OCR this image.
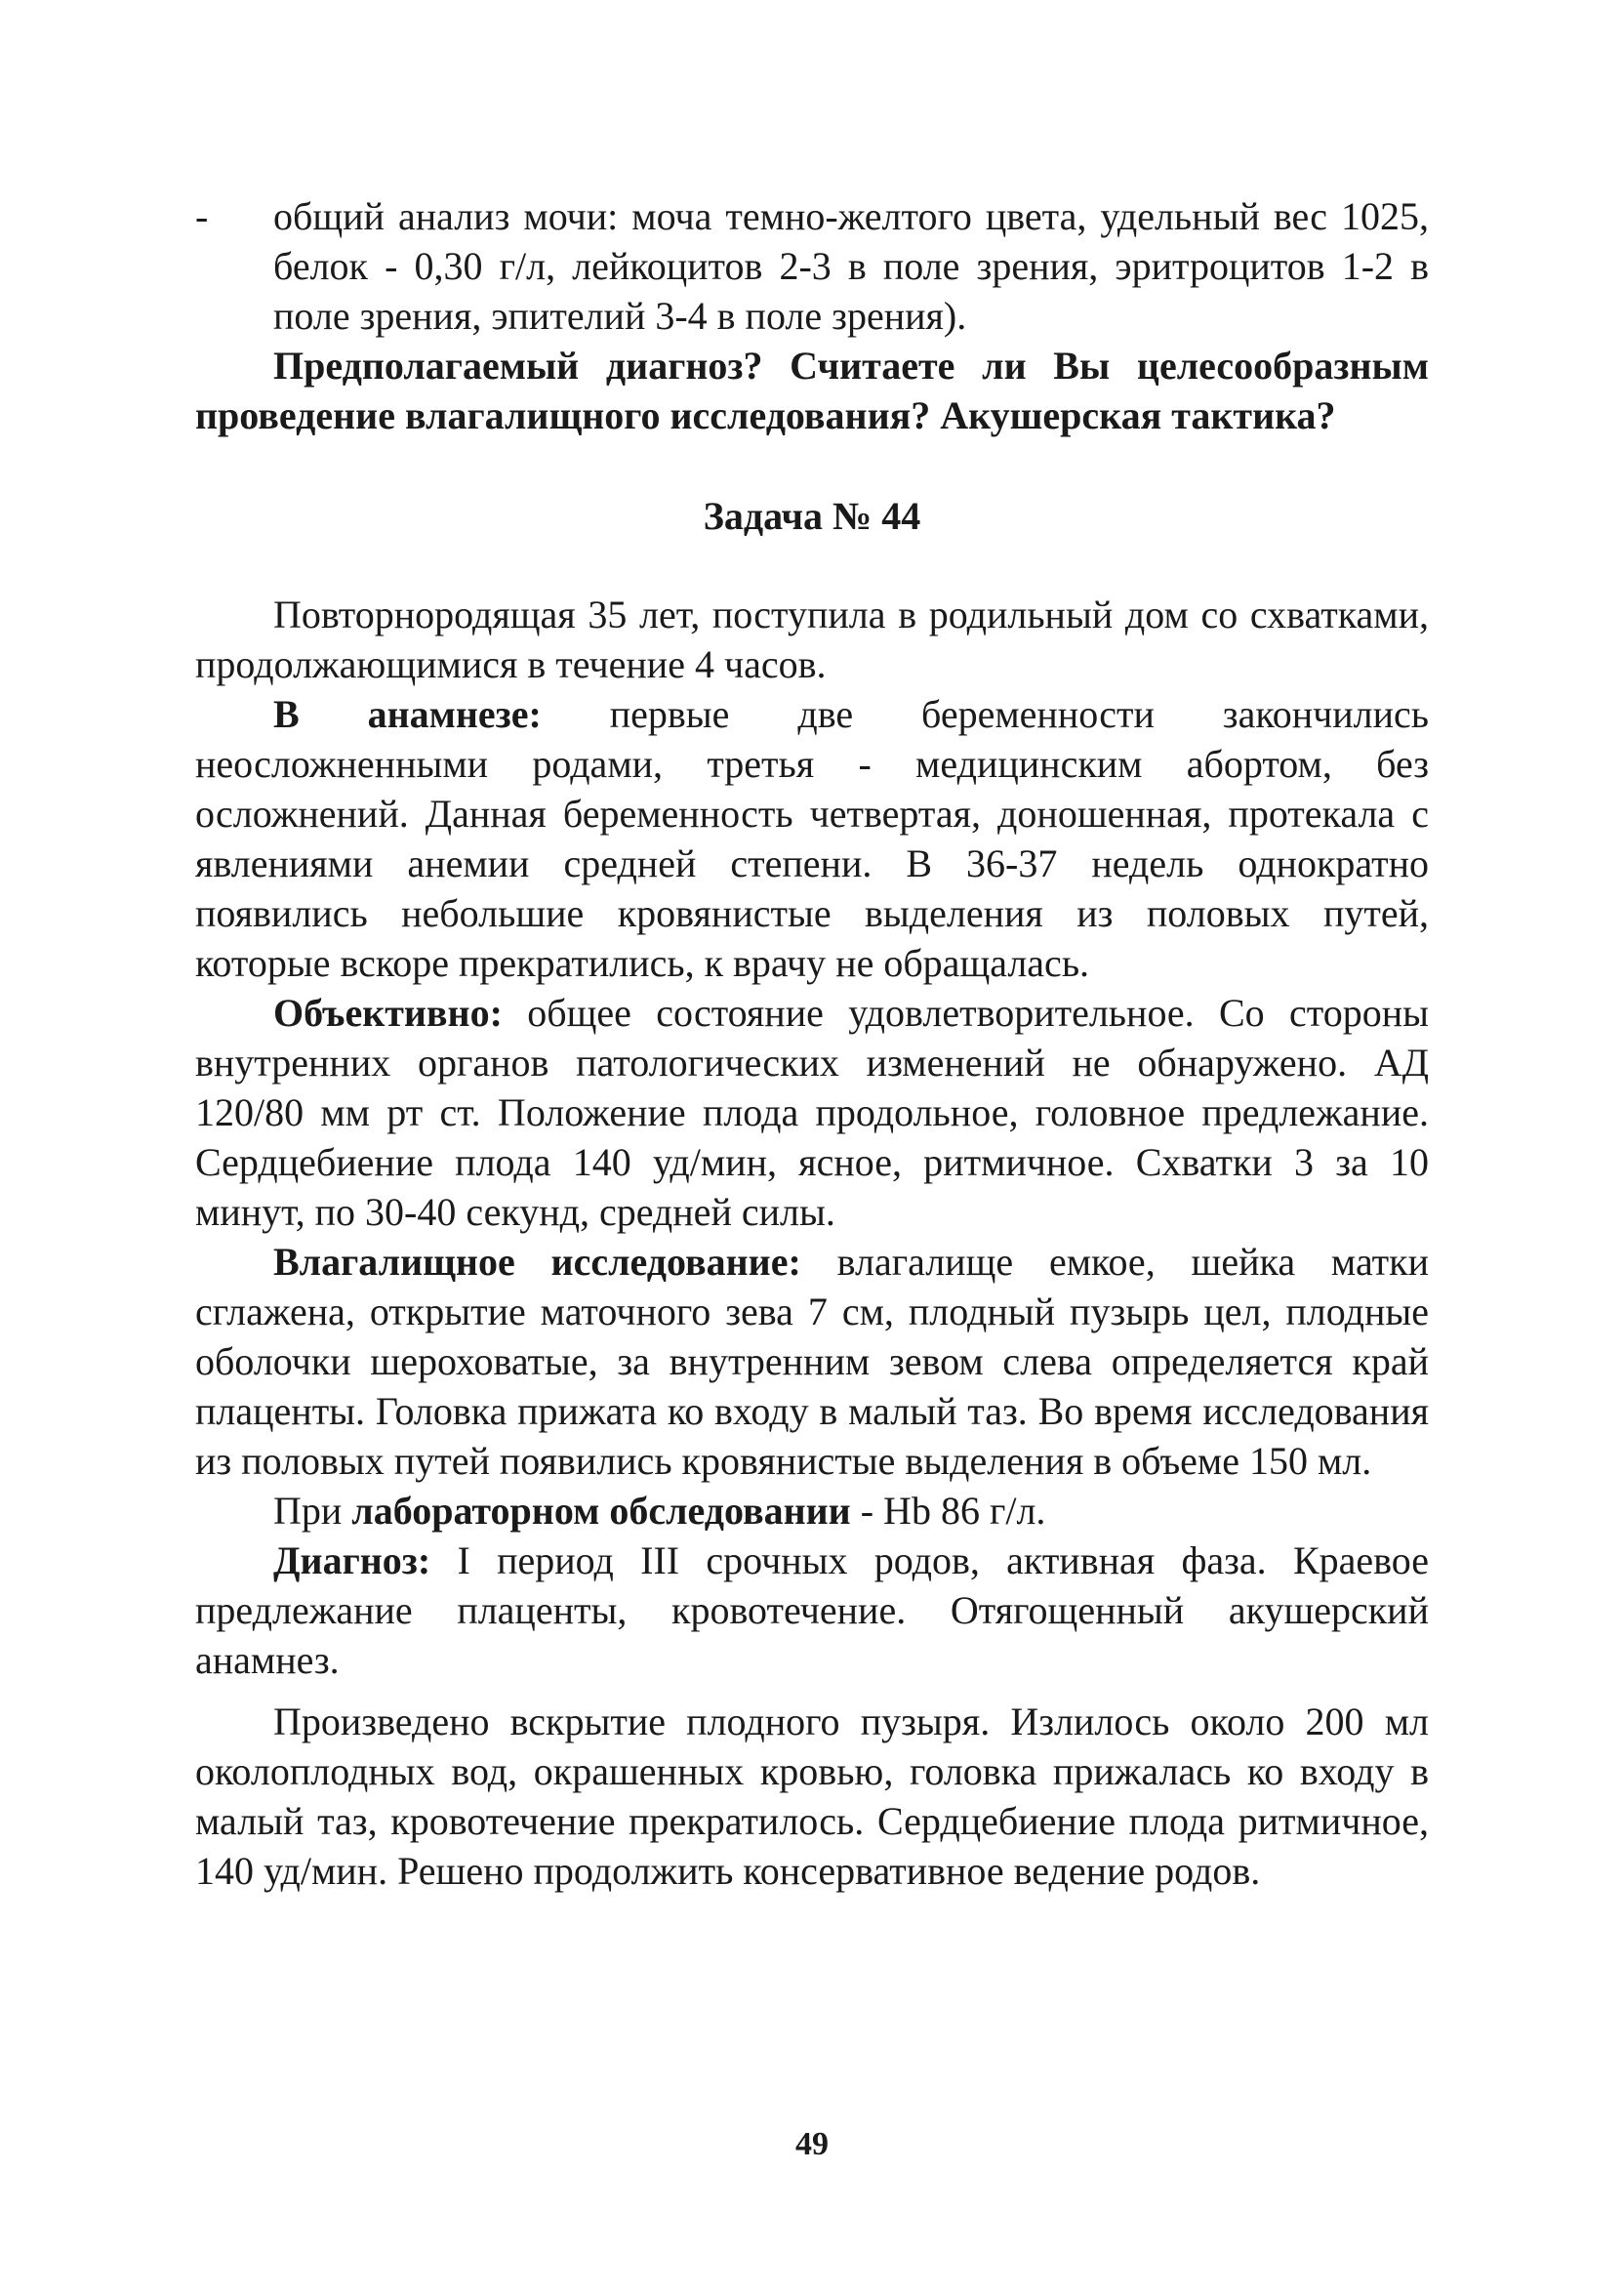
- общий анализ мочи: моча темно-желтого цвета, удельный вес 1025, белок - 0,30 г/л, лейкоцитов 2-3 в поле зрения, эритроцитов 1-2 в поле зрения, эпителий 3-4 в поле зрения).

Предполагаемый диагноз? Считаете ли Вы целесообразным проведение влагалищного исследования? Акушерская тактика?

Задача № 44

Повторнородящая 35 лет, поступила в родильный дом со схватками, продолжающимися в течение 4 часов.

В анамнезе: первые две беременности закончились неосложненными родами, третья - медицинским абортом, без осложнений. Данная беременность четвертая, доношенная, протекала с явлениями анемии средней степени. В 36-37 недель однократно появились небольшие кровянистые выделения из половых путей, которые вскоре прекратились, к врачу не обращалась.

Объективно: общее состояние удовлетворительное. Со стороны внутренних органов патологических изменений не обнаружено. АД 120/80 мм рт ст. Положение плода продольное, головное предлежание. Сердцебиение плода 140 уд/мин, ясное, ритмичное. Схватки 3 за 10 минут, по 30-40 секунд, средней силы.

Влагалищное исследование: влагалище емкое, шейка матки сглажена, открытие маточного зева 7 см, плодный пузырь цел, плодные оболочки шероховатые, за внутренним зевом слева определяется край плаценты. Головка прижата ко входу в малый таз. Во время исследования из половых путей появились кровянистые выделения в объеме 150 мл.

При лабораторном обследовании - Hb 86 г/л.

Диагноз: I период III срочных родов, активная фаза. Краевое предлежание плаценты, кровотечение. Отягощенный акушерский анамнез.

Произведено вскрытие плодного пузыря. Излилось около 200 мл околоплодных вод, окрашенных кровью, головка прижалась ко входу в малый таз, кровотечение прекратилось. Сердцебиение плода ритмичное, 140 уд/мин. Решено продолжить консервативное ведение родов.

49
